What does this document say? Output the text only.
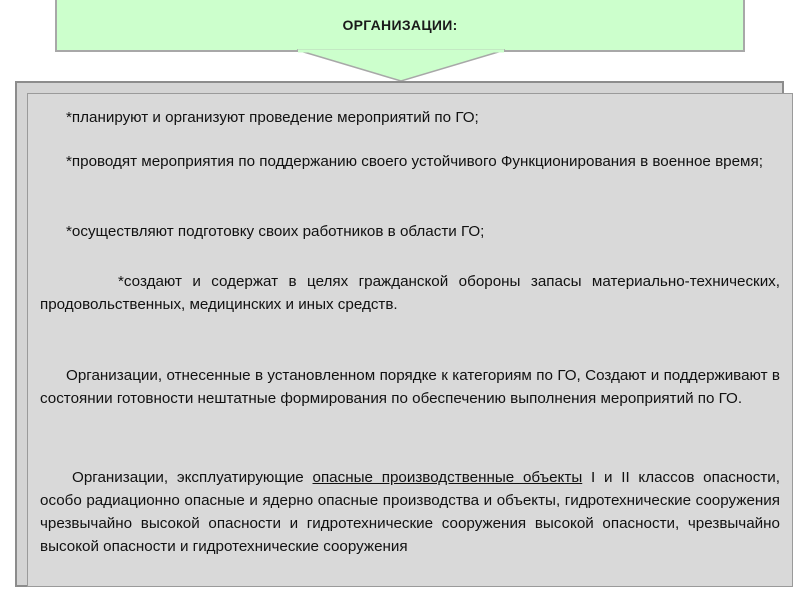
ОРГАНИЗАЦИИ:

*планируют и организуют проведение мероприятий по ГО;

*проводят мероприятия по поддержанию своего устойчивого Функционирования в военное время;

*осуществляют подготовку своих работников в области ГО;

*создают и содержат в целях гражданской обороны запасы материально-технических, продовольственных, медицинских и иных средств.

Организации, отнесенные в установленном порядке к категориям по ГО, Создают и поддерживают в состоянии готовности нештатные формирования по обеспечению выполнения мероприятий по ГО.

Организации, эксплуатирующие опасные производственные объекты I и II классов опасности, особо радиационно опасные и ядерно опасные производства и объекты, гидротехнические сооружения чрезвычайно высокой опасности и гидротехнические сооружения высокой опасности, чрезвычайно высокой опасности и гидротехнические сооружения
